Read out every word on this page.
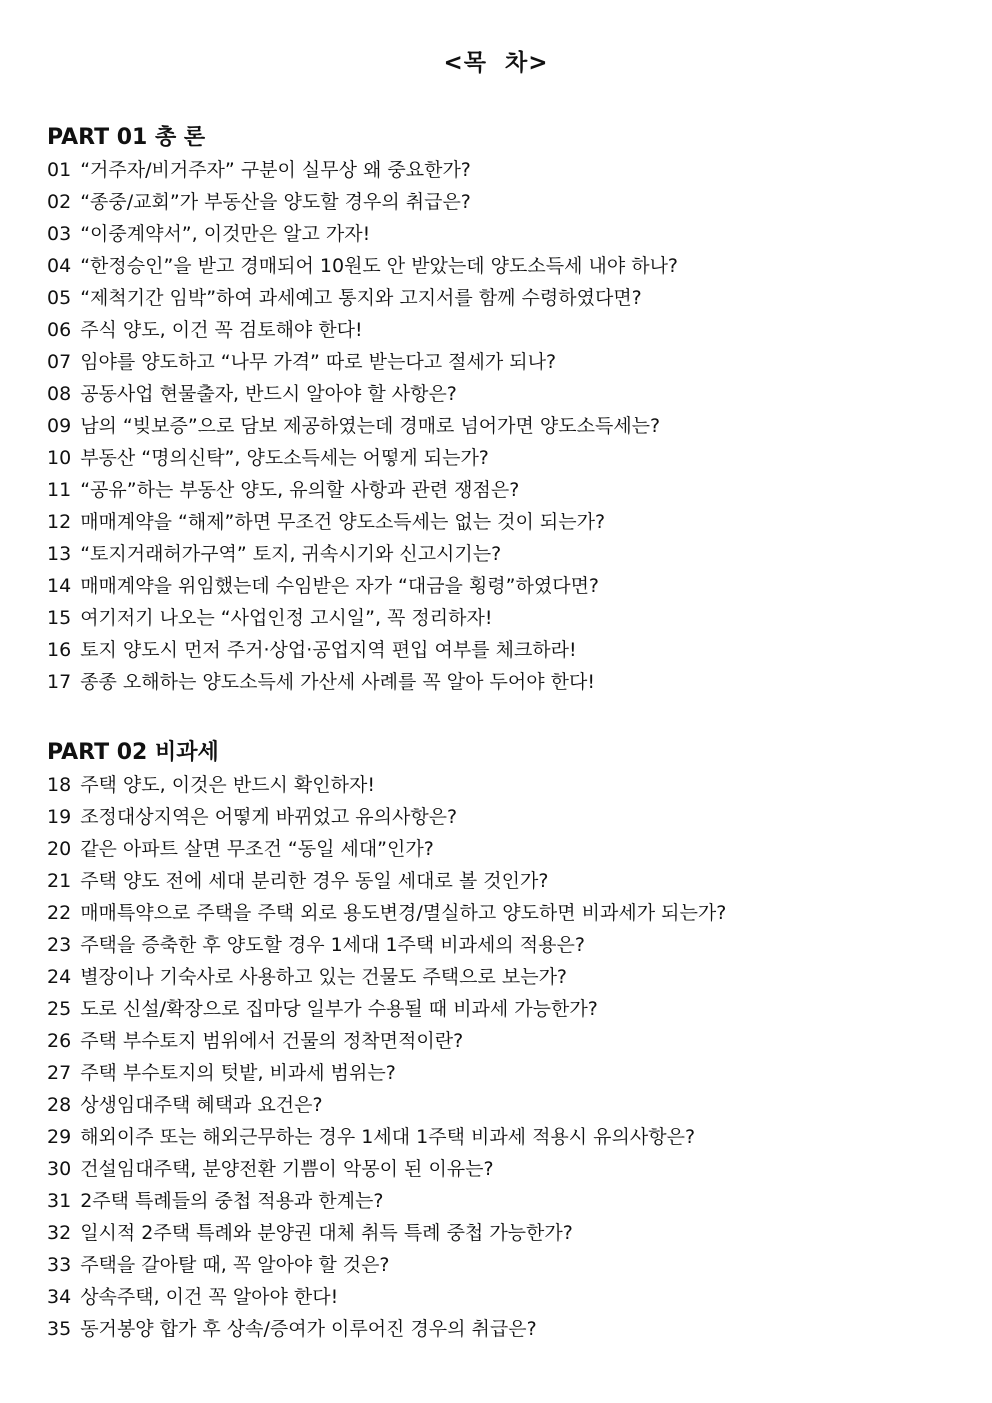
<목  차>
PART 01 총 론
01 “거주자/비거주자” 구분이 실무상 왜 중요한가?
02 “종중/교회”가 부동산을 양도할 경우의 취급은?
03 “이중계약서”, 이것만은 알고 가자!
04 “한정승인”을 받고 경매되어 10원도 안 받았는데 양도소득세 내야 하나?
05 “제척기간 임박”하여 과세예고 통지와 고지서를 함께 수령하였다면?
06 주식 양도, 이건 꼭 검토해야 한다!
07 임야를 양도하고 “나무 가격” 따로 받는다고 절세가 되나?
08 공동사업 현물출자, 반드시 알아야 할 사항은?
09 남의 “빚보증”으로 담보 제공하였는데 경매로 넘어가면 양도소득세는?
10 부동산 “명의신탁”, 양도소득세는 어떻게 되는가?
11 “공유”하는 부동산 양도, 유의할 사항과 관련 쟁점은?
12 매매계약을 “해제”하면 무조건 양도소득세는 없는 것이 되는가?
13 “토지거래허가구역” 토지, 귀속시기와 신고시기는?
14 매매계약을 위임했는데 수임받은 자가 “대금을 횡령”하였다면?
15 여기저기 나오는 “사업인정 고시일”, 꼭 정리하자!
16 토지 양도시 먼저 주거·상업·공업지역 편입 여부를 체크하라!
17 종종 오해하는 양도소득세 가산세 사례를 꼭 알아 두어야 한다!
PART 02 비과세
18 주택 양도, 이것은 반드시 확인하자!
19 조정대상지역은 어떻게 바뀌었고 유의사항은?
20 같은 아파트 살면 무조건 “동일 세대”인가?
21 주택 양도 전에 세대 분리한 경우 동일 세대로 볼 것인가?
22 매매특약으로 주택을 주택 외로 용도변경/멸실하고 양도하면 비과세가 되는가?
23 주택을 증축한 후 양도할 경우 1세대 1주택 비과세의 적용은?
24 별장이나 기숙사로 사용하고 있는 건물도 주택으로 보는가?
25 도로 신설/확장으로 집마당 일부가 수용될 때 비과세 가능한가?
26 주택 부수토지 범위에서 건물의 정착면적이란?
27 주택 부수토지의 텃밭, 비과세 범위는?
28 상생임대주택 혜택과 요건은?
29 해외이주 또는 해외근무하는 경우 1세대 1주택 비과세 적용시 유의사항은?
30 건설임대주택, 분양전환 기쁨이 악몽이 된 이유는?
31 2주택 특례들의 중첩 적용과 한계는?
32 일시적 2주택 특례와 분양권 대체 취득 특례 중첩 가능한가?
33 주택을 갈아탈 때, 꼭 알아야 할 것은?
34 상속주택, 이건 꼭 알아야 한다!
35 동거봉양 합가 후 상속/증여가 이루어진 경우의 취급은?
